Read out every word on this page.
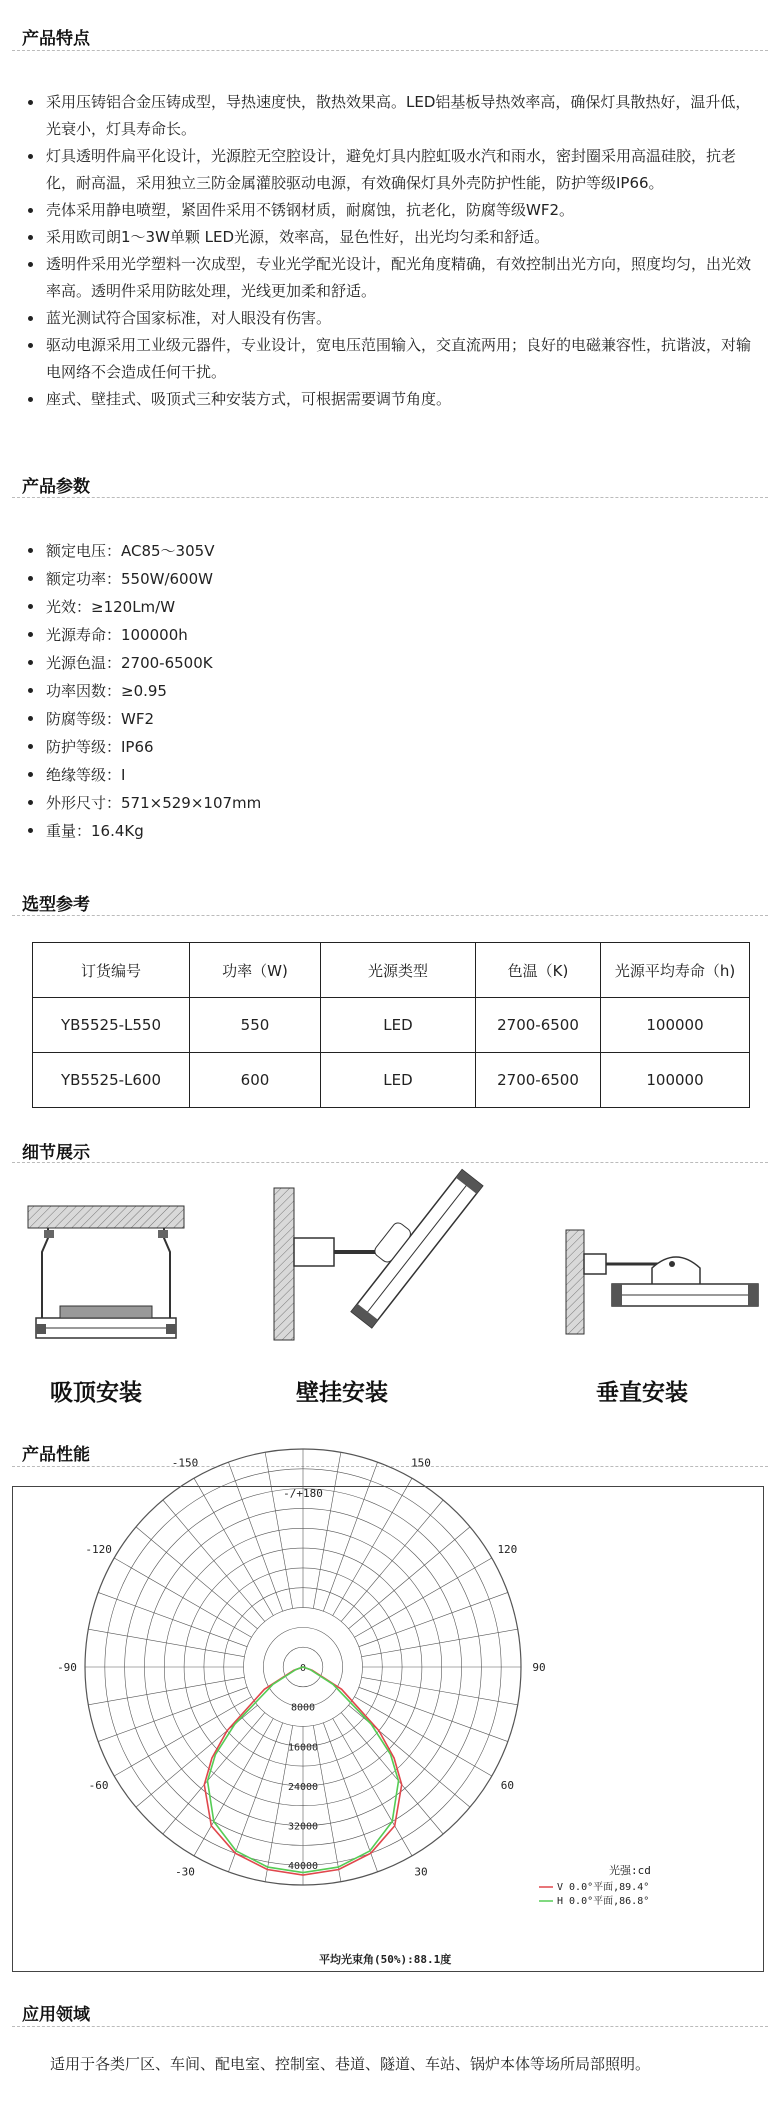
产品特点
采用压铸铝合金压铸成型，导热速度快，散热效果高。LED铝基板导热效率高，确保灯具散热好，温升低，光衰小，灯具寿命长。
灯具透明件扁平化设计，光源腔无空腔设计，避免灯具内腔虹吸水汽和雨水，密封圈采用高温硅胶，抗老化，耐高温，采用独立三防金属灌胶驱动电源，有效确保灯具外壳防护性能，防护等级IP66。
壳体采用静电喷塑，紧固件采用不锈钢材质，耐腐蚀，抗老化，防腐等级WF2。
采用欧司朗1～3W单颗 LED光源，效率高，显色性好，出光均匀柔和舒适。
透明件采用光学塑料一次成型，专业光学配光设计，配光角度精确，有效控制出光方向，照度均匀，出光效率高。透明件采用防眩处理，光线更加柔和舒适。
蓝光测试符合国家标准，对人眼没有伤害。
驱动电源采用工业级元器件，专业设计，宽电压范围输入，交直流两用；良好的电磁兼容性，抗谐波，对输电网络不会造成任何干扰。
座式、壁挂式、吸顶式三种安装方式，可根据需要调节角度。
产品参数
额定电压：AC85～305V
额定功率：550W/600W
光效：≥120Lm/W
光源寿命：100000h
光源色温：2700-6500K
功率因数：≥0.95
防腐等级：WF2
防护等级：IP66
绝缘等级：I
外形尺寸：571×529×107mm
重量：16.4Kg
选型参考
订货编号	功率（W)	光源类型	色温（K)	光源平均寿命（h)
YB5525-L550	550	LED	2700-6500	100000
YB5525-L600	600	LED	2700-6500	100000
细节展示
吸顶安装	壁挂安装	垂直安装
产品性能
-/+180
-150	150
-120	120
-90	90
-60	60
-30	30
0
8000
16000
24000
32000
40000	光强:cd
V 0.0°平面,89.4°
H 0.0°平面,86.8°
平均光束角(50%):88.1度
应用领域
适用于各类厂区、车间、配电室、控制室、巷道、隧道、车站、锅炉本体等场所局部照明。
